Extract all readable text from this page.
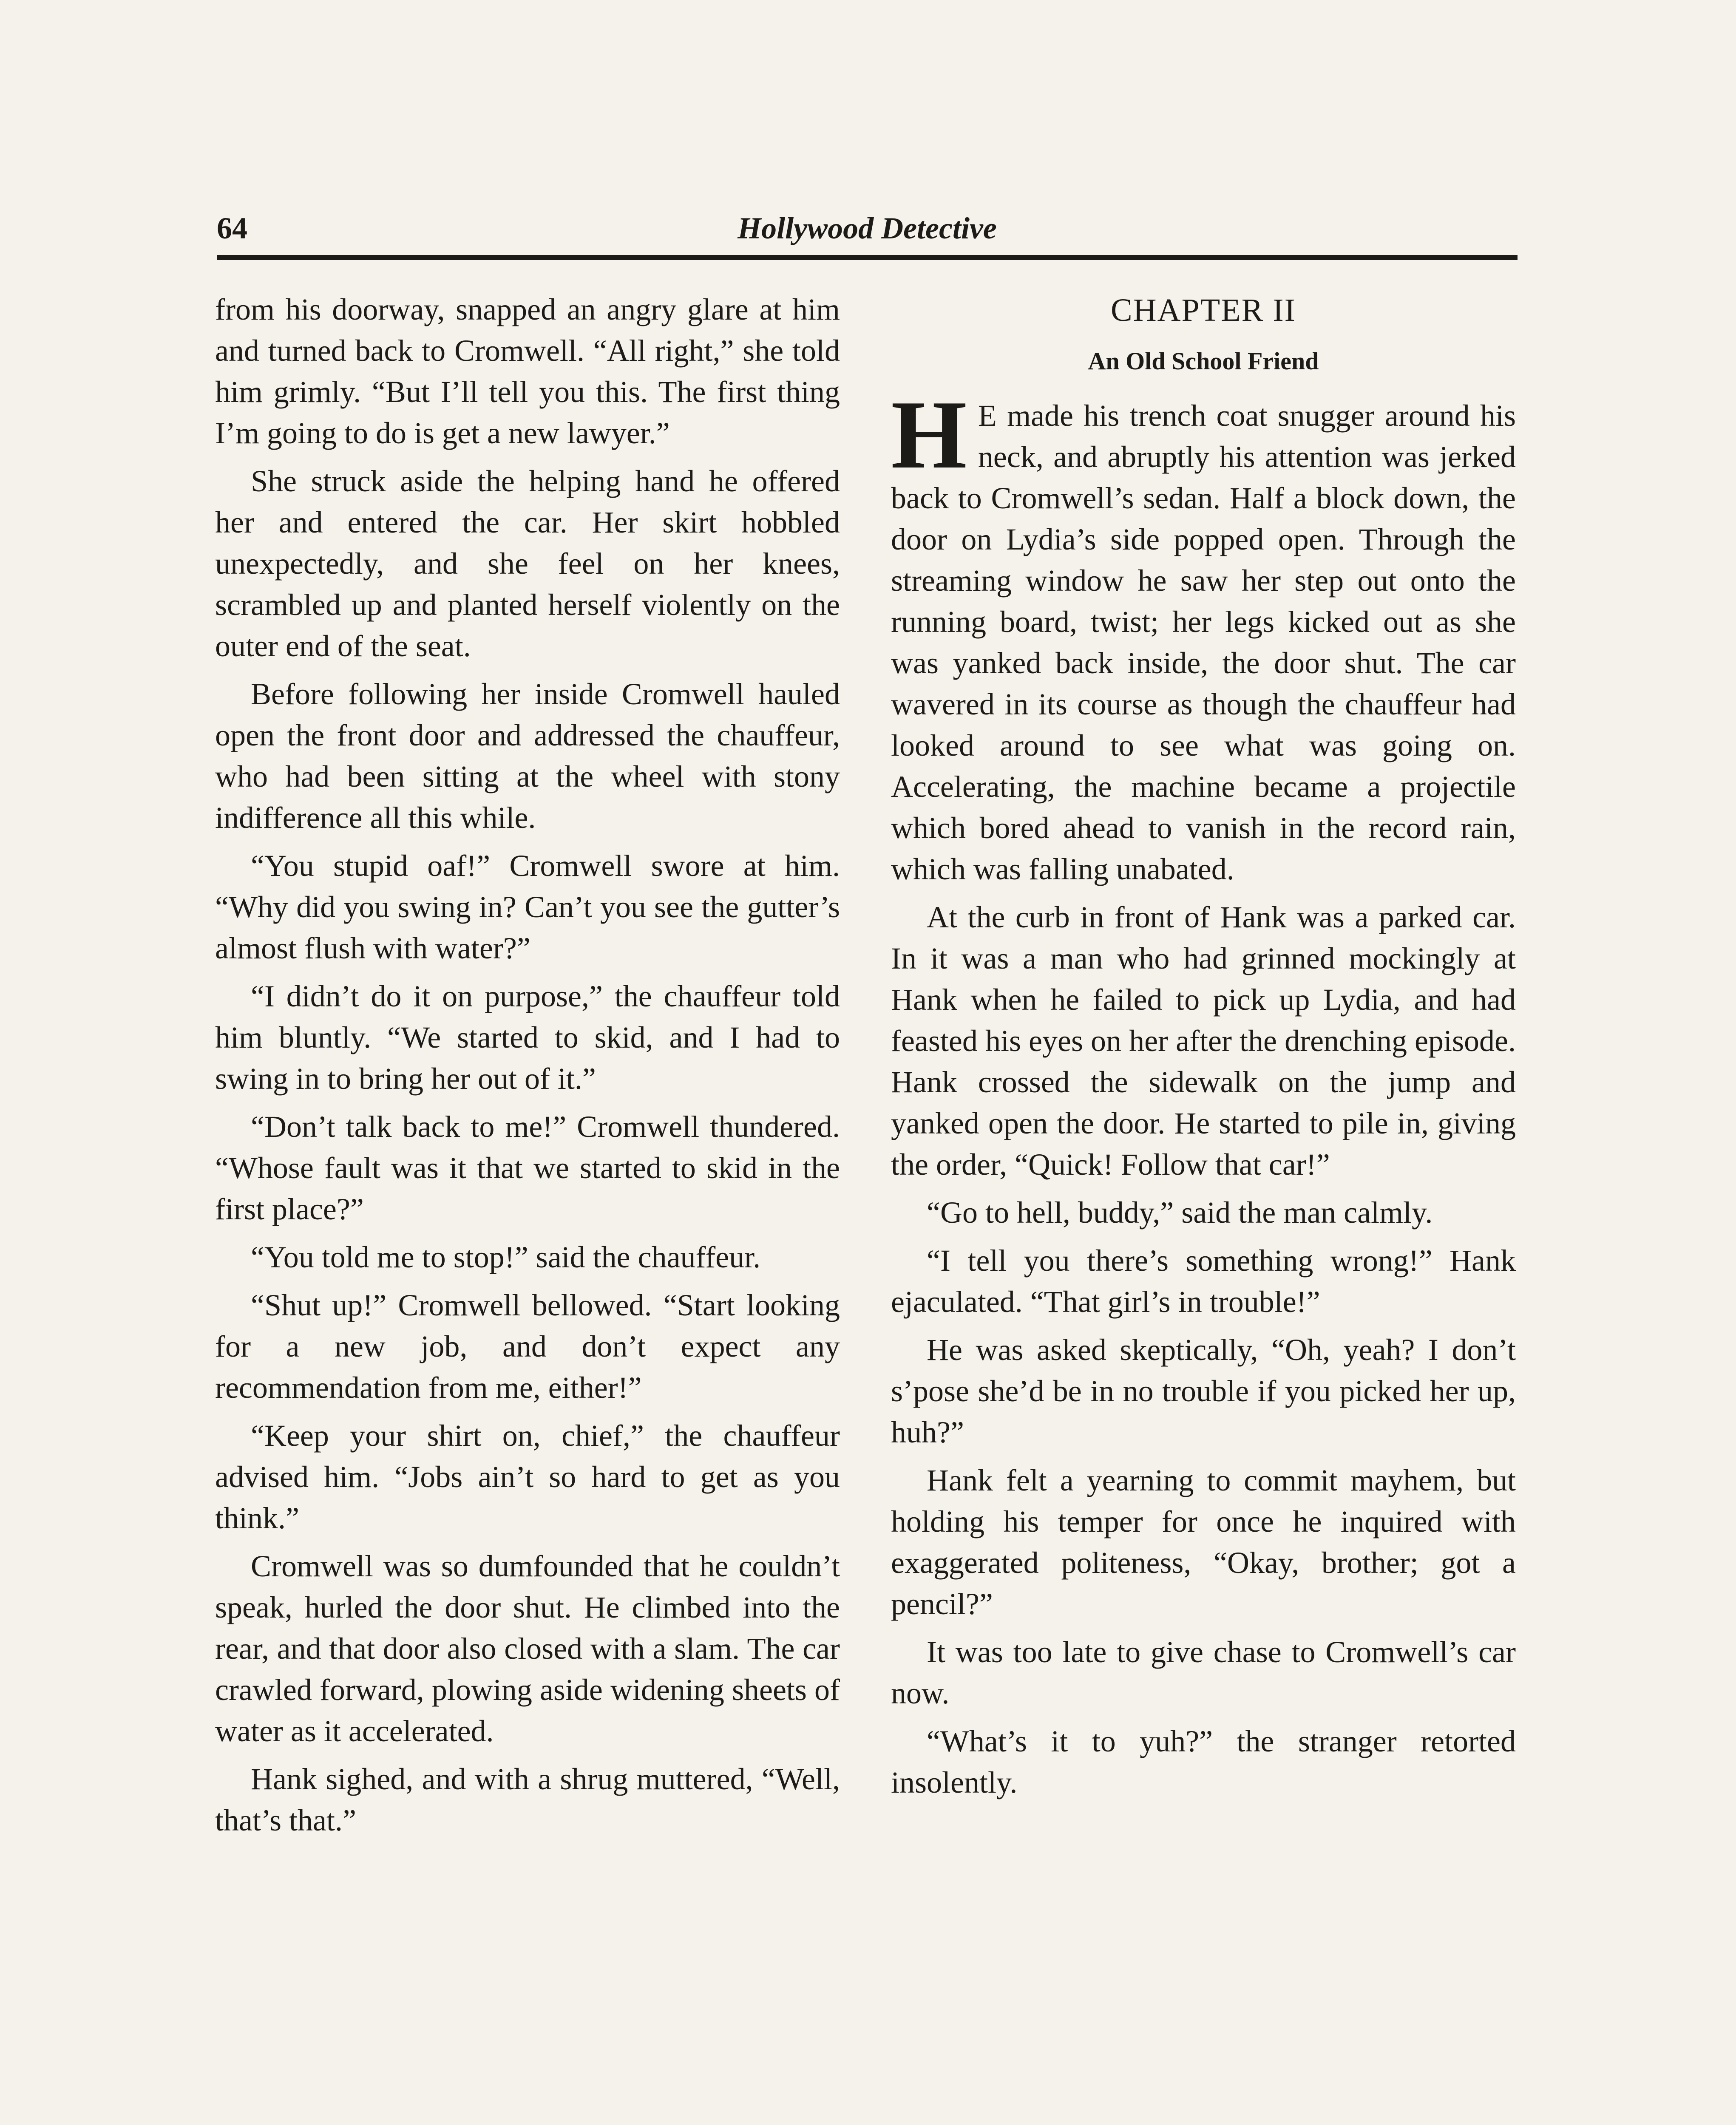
64	Hollywood Detective

from his doorway, snapped an angry glare at him and turned back to Cromwell. “All right,” she told him grimly. “But I’ll tell you this. The first thing I’m going to do is get a new lawyer.”

She struck aside the helping hand he offered her and entered the car. Her skirt hobbled unexpectedly, and she feel on her knees, scrambled up and planted herself violently on the outer end of the seat.

Before following her inside Cromwell hauled open the front door and addressed the chauffeur, who had been sitting at the wheel with stony indifference all this while.

“You stupid oaf!” Cromwell swore at him. “Why did you swing in? Can’t you see the gutter’s almost flush with water?”

“I didn’t do it on purpose,” the chauffeur told him bluntly. “We started to skid, and I had to swing in to bring her out of it.”

“Don’t talk back to me!” Cromwell thundered. “Whose fault was it that we started to skid in the first place?”

“You told me to stop!” said the chauffeur.

“Shut up!” Cromwell bellowed. “Start looking for a new job, and don’t expect any recommendation from me, either!”

“Keep your shirt on, chief,” the chauffeur advised him. “Jobs ain’t so hard to get as you think.”

Cromwell was so dumfounded that he couldn’t speak, hurled the door shut. He climbed into the rear, and that door also closed with a slam. The car crawled forward, plowing aside widening sheets of water as it accelerated.

Hank sighed, and with a shrug muttered, “Well, that’s that.”

CHAPTER II
An Old School Friend
H E made his trench coat snugger around his neck, and abruptly his attention was jerked back to Cromwell’s sedan. Half a block down, the door on Lydia’s side popped open. Through the streaming window he saw her step out onto the running board, twist; her legs kicked out as she was yanked back inside, the door shut. The car wavered in its course as though the chauffeur had looked around to see what was going on. Accelerating, the machine became a projectile which bored ahead to vanish in the record rain, which was falling unabated.

At the curb in front of Hank was a parked car. In it was a man who had grinned mockingly at Hank when he failed to pick up Lydia, and had feasted his eyes on her after the drenching episode. Hank crossed the sidewalk on the jump and yanked open the door. He started to pile in, giving the order, “Quick! Follow that car!”

“Go to hell, buddy,” said the man calmly.

“I tell you there’s something wrong!” Hank ejaculated. “That girl’s in trouble!”

He was asked skeptically, “Oh, yeah? I don’t s’pose she’d be in no trouble if you picked her up, huh?”

Hank felt a yearning to commit mayhem, but holding his temper for once he inquired with exaggerated politeness, “Okay, brother; got a pencil?”

It was too late to give chase to Cromwell’s car now.

“What’s it to yuh?” the stranger retorted insolently.
